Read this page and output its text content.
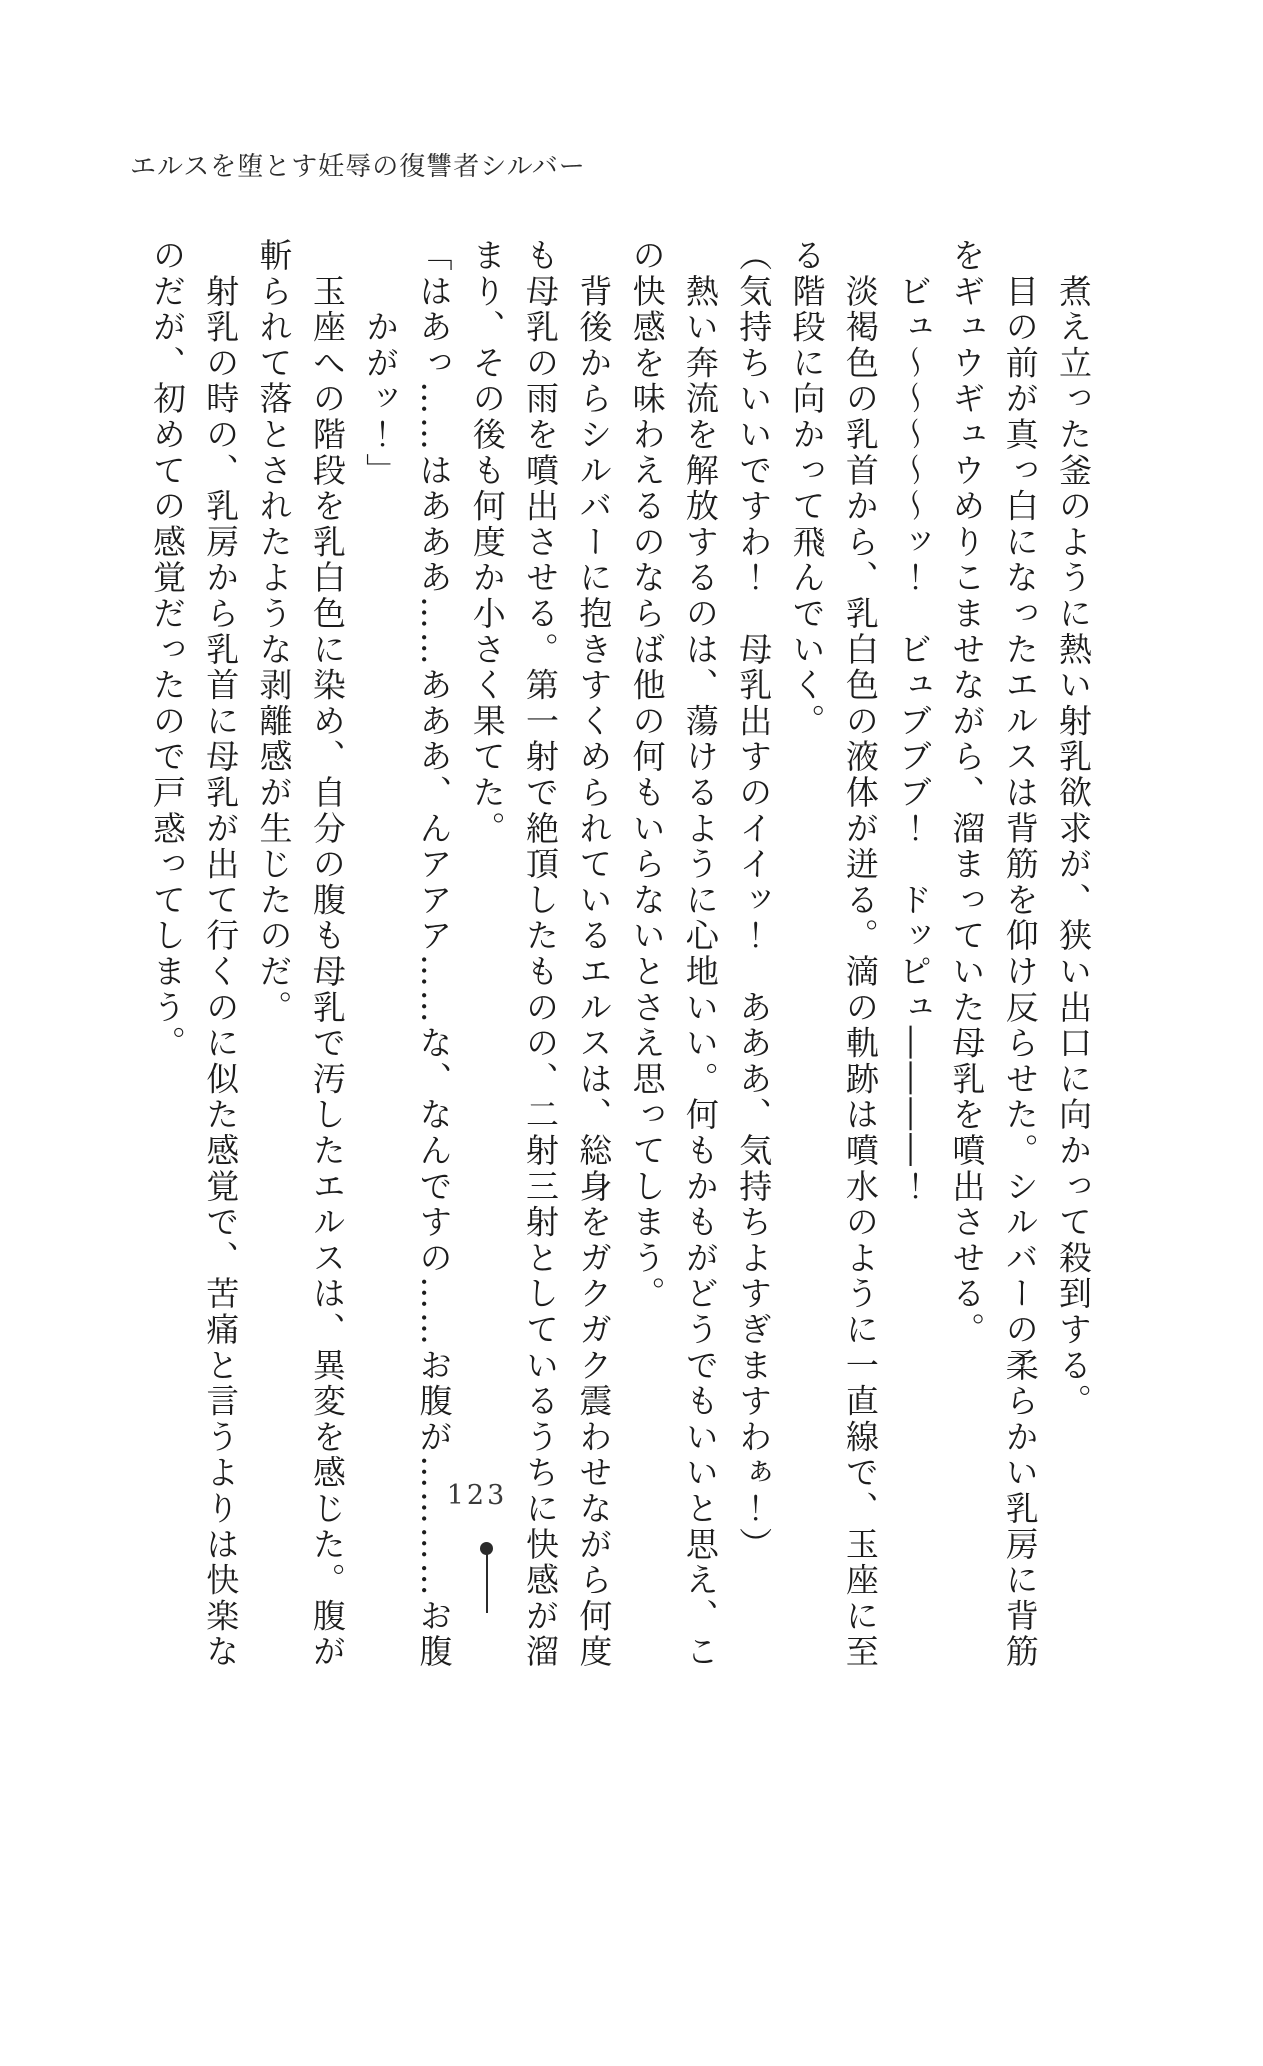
エルスを堕とす妊辱の復讐者シルバー

　煮え立った釜のように熱い射乳欲求が、狭い出口に向かって殺到する。

　目の前が真っ白になったエルスは背筋を仰け反らせた。シルバーの柔らかい乳房に背筋

をギュウギュウめりこませながら、溜まっていた母乳を噴出させる。

　ビュ〜〜〜〜〜ッ！　ビュブブブ！　ドッピュ――――！

　淡褐色の乳首から、乳白色の液体が迸る。滴の軌跡は噴水のように一直線で、玉座に至

る階段に向かって飛んでいく。

（気持ちいいですわ！　母乳出すのイイッ！　あああ、気持ちよすぎますわぁ！）

　熱い奔流を解放するのは、蕩けるように心地いい。何もかもがどうでもいいと思え、こ

の快感を味わえるのならば他の何もいらないとさえ思ってしまう。

　背後からシルバーに抱きすくめられているエルスは、総身をガクガク震わせながら何度

も母乳の雨を噴出させる。第一射で絶頂したものの、二射三射としているうちに快感が溜

まり、その後も何度か小さく果てた。

「はあっ……はあああ……あああ、んアアア……な、なんですの……お腹が…………お腹

　　かがッ！」

　玉座への階段を乳白色に染め、自分の腹も母乳で汚したエルスは、異変を感じた。腹が

斬られて落とされたような剥離感が生じたのだ。

　射乳の時の、乳房から乳首に母乳が出て行くのに似た感覚で、苦痛と言うよりは快楽な

のだが、初めての感覚だったので戸惑ってしまう。

123
